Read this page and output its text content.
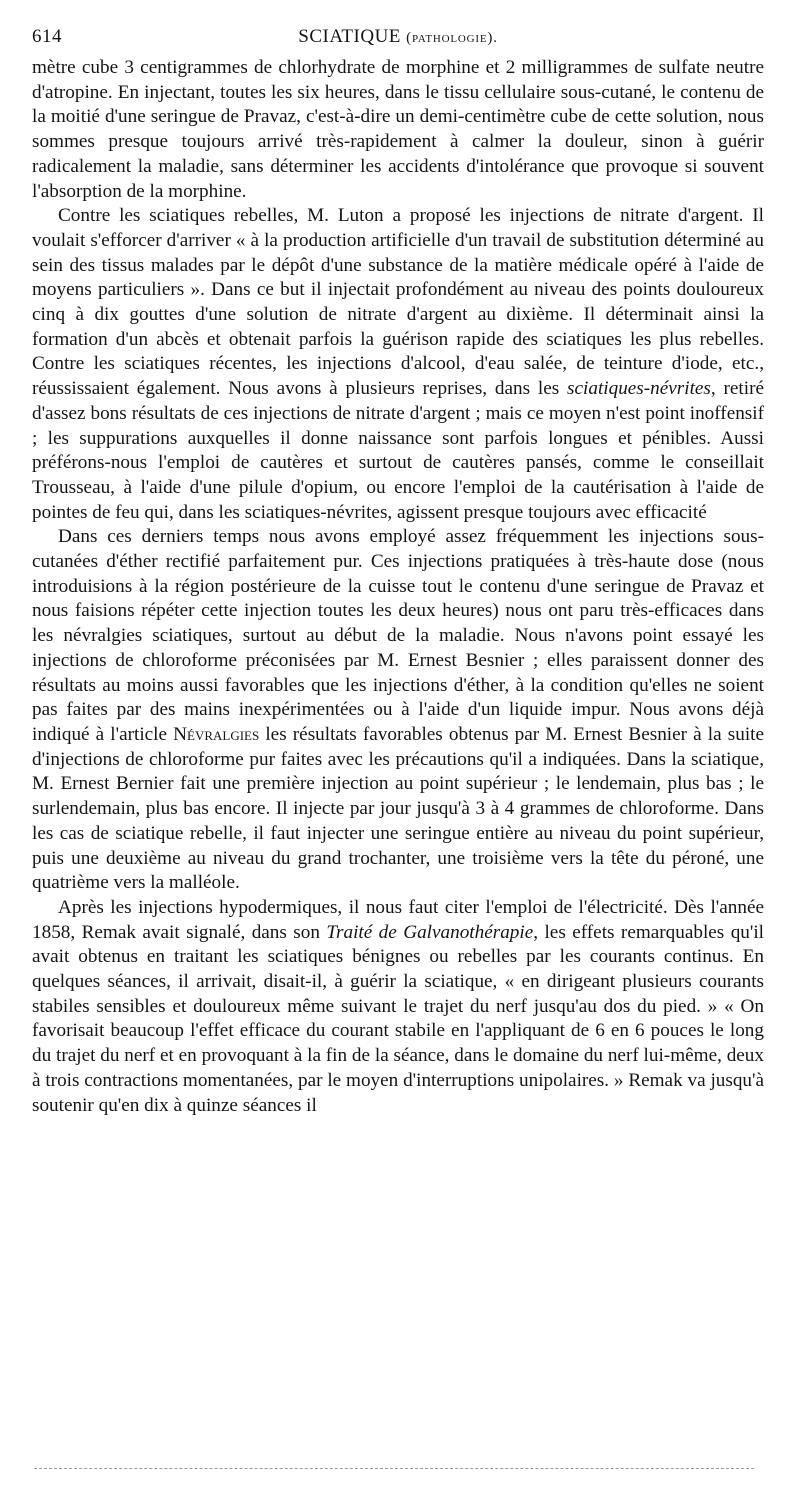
614	SCIATIQUE (pathologie).

mètre cube 3 centigrammes de chlorhydrate de morphine et 2 milligrammes de sulfate neutre d'atropine. En injectant, toutes les six heures, dans le tissu cellulaire sous-cutané, le contenu de la moitié d'une seringue de Pravaz, c'est-à-dire un demi-centimètre cube de cette solution, nous sommes presque toujours arrivé très-rapidement à calmer la douleur, sinon à guérir radicalement la maladie, sans déterminer les accidents d'intolérance que provoque si souvent l'absorption de la morphine.

Contre les sciatiques rebelles, M. Luton a proposé les injections de nitrate d'argent. Il voulait s'efforcer d'arriver « à la production artificielle d'un travail de substitution déterminé au sein des tissus malades par le dépôt d'une substance de la matière médicale opéré à l'aide de moyens particuliers ». Dans ce but il injectait profondément au niveau des points douloureux cinq à dix gouttes d'une solution de nitrate d'argent au dixième. Il déterminait ainsi la formation d'un abcès et obtenait parfois la guérison rapide des sciatiques les plus rebelles. Contre les sciatiques récentes, les injections d'alcool, d'eau salée, de teinture d'iode, etc., réussissaient également. Nous avons à plusieurs reprises, dans les sciatiques-névrites, retiré d'assez bons résultats de ces injections de nitrate d'argent ; mais ce moyen n'est point inoffensif ; les suppurations auxquelles il donne naissance sont parfois longues et pénibles. Aussi préférons-nous l'emploi de cautères et surtout de cautères pansés, comme le conseillait Trousseau, à l'aide d'une pilule d'opium, ou encore l'emploi de la cautérisation à l'aide de pointes de feu qui, dans les sciatiques-névrites, agissent presque toujours avec efficacité

Dans ces derniers temps nous avons employé assez fréquemment les injections sous-cutanées d'éther rectifié parfaitement pur. Ces injections pratiquées à très-haute dose (nous introduisions à la région postérieure de la cuisse tout le contenu d'une seringue de Pravaz et nous faisions répéter cette injection toutes les deux heures) nous ont paru très-efficaces dans les névralgies sciatiques, surtout au début de la maladie. Nous n'avons point essayé les injections de chloroforme préconisées par M. Ernest Besnier ; elles paraissent donner des résultats au moins aussi favorables que les injections d'éther, à la condition qu'elles ne soient pas faites par des mains inexpérimentées ou à l'aide d'un liquide impur. Nous avons déjà indiqué à l'article Névralgies les résultats favorables obtenus par M. Ernest Besnier à la suite d'injections de chloroforme pur faites avec les précautions qu'il a indiquées. Dans la sciatique, M. Ernest Bernier fait une première injection au point supérieur ; le lendemain, plus bas ; le surlendemain, plus bas encore. Il injecte par jour jusqu'à 3 à 4 grammes de chloroforme. Dans les cas de sciatique rebelle, il faut injecter une seringue entière au niveau du point supérieur, puis une deuxième au niveau du grand trochanter, une troisième vers la tête du péroné, une quatrième vers la malléole.

Après les injections hypodermiques, il nous faut citer l'emploi de l'électricité. Dès l'année 1858, Remak avait signalé, dans son Traité de Galvanothérapie, les effets remarquables qu'il avait obtenus en traitant les sciatiques bénignes ou rebelles par les courants continus. En quelques séances, il arrivait, disait-il, à guérir la sciatique, « en dirigeant plusieurs courants stabiles sensibles et douloureux même suivant le trajet du nerf jusqu'au dos du pied. » « On favorisait beaucoup l'effet efficace du courant stabile en l'appliquant de 6 en 6 pouces le long du trajet du nerf et en provoquant à la fin de la séance, dans le domaine du nerf lui-même, deux à trois contractions momentanées, par le moyen d'interruptions unipolaires. » Remak va jusqu'à soutenir qu'en dix à quinze séances il
